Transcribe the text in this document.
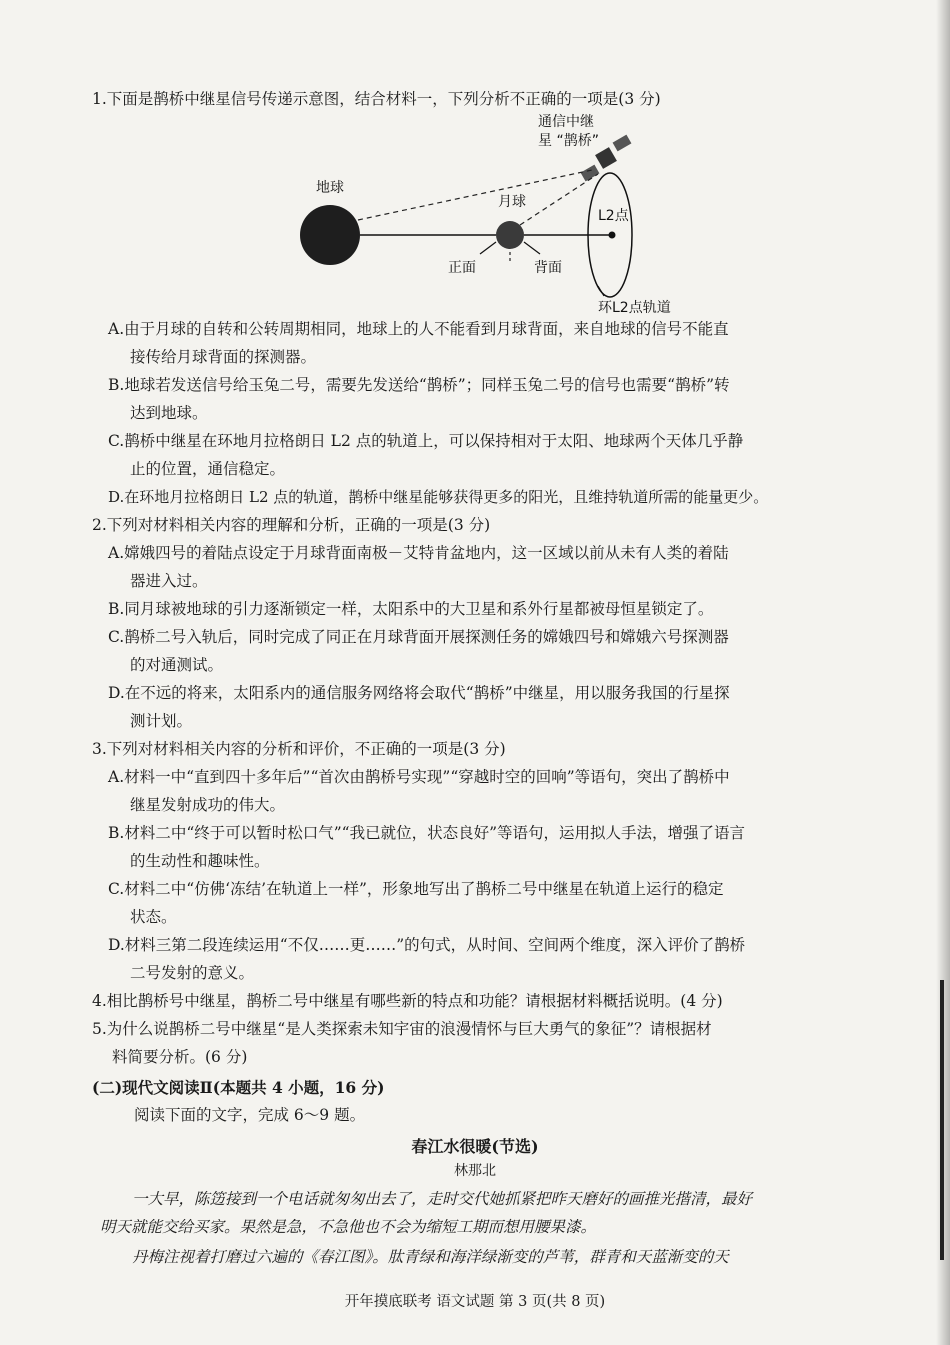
1.下面是鹊桥中继星信号传递示意图，结合材料一，下列分析不正确的一项是(3 分)
通信中继
星 “鹊桥”
地球
月球
L2点
正面	背面
环L2点轨道
A.由于月球的自转和公转周期相同，地球上的人不能看到月球背面，来自地球的信号不能直
接传给月球背面的探测器。
B.地球若发送信号给玉兔二号，需要先发送给“鹊桥”；同样玉兔二号的信号也需要“鹊桥”转
达到地球。
C.鹊桥中继星在环地月拉格朗日 L2 点的轨道上，可以保持相对于太阳、地球两个天体几乎静
止的位置，通信稳定。
D.在环地月拉格朗日 L2 点的轨道，鹊桥中继星能够获得更多的阳光，且维持轨道所需的能量更少。
2.下列对材料相关内容的理解和分析，正确的一项是(3 分)
A.嫦娥四号的着陆点设定于月球背面南极－艾特肯盆地内，这一区域以前从未有人类的着陆
器进入过。
B.同月球被地球的引力逐渐锁定一样，太阳系中的大卫星和系外行星都被母恒星锁定了。
C.鹊桥二号入轨后，同时完成了同正在月球背面开展探测任务的嫦娥四号和嫦娥六号探测器
的对通测试。
D.在不远的将来，太阳系内的通信服务网络将会取代“鹊桥”中继星，用以服务我国的行星探
测计划。
3.下列对材料相关内容的分析和评价，不正确的一项是(3 分)
A.材料一中“直到四十多年后”“首次由鹊桥号实现”“穿越时空的回响”等语句，突出了鹊桥中
继星发射成功的伟大。
B.材料二中“终于可以暂时松口气”“我已就位，状态良好”等语句，运用拟人手法，增强了语言
的生动性和趣味性。
C.材料二中“仿佛‘冻结’在轨道上一样”，形象地写出了鹊桥二号中继星在轨道上运行的稳定
状态。
D.材料三第二段连续运用“不仅……更……”的句式，从时间、空间两个维度，深入评价了鹊桥
二号发射的意义。
4.相比鹊桥号中继星，鹊桥二号中继星有哪些新的特点和功能？请根据材料概括说明。(4 分)
5.为什么说鹊桥二号中继星“是人类探索未知宇宙的浪漫情怀与巨大勇气的象征”？请根据材
料简要分析。(6 分)
(二)现代文阅读Ⅱ(本题共 4 小题，16 分)
阅读下面的文字，完成 6～9 题。
春江水很暖(节选)
林那北
一大早，陈笾接到一个电话就匆匆出去了，走时交代她抓紧把昨天磨好的画推光揩清，最好
明天就能交给买家。果然是急，不急他也不会为缩短工期而想用腰果漆。
丹梅注视着打磨过六遍的《春江图》。肽青绿和海洋绿渐变的芦苇，群青和天蓝渐变的天
开年摸底联考 语文试题 第 3 页(共 8 页)
